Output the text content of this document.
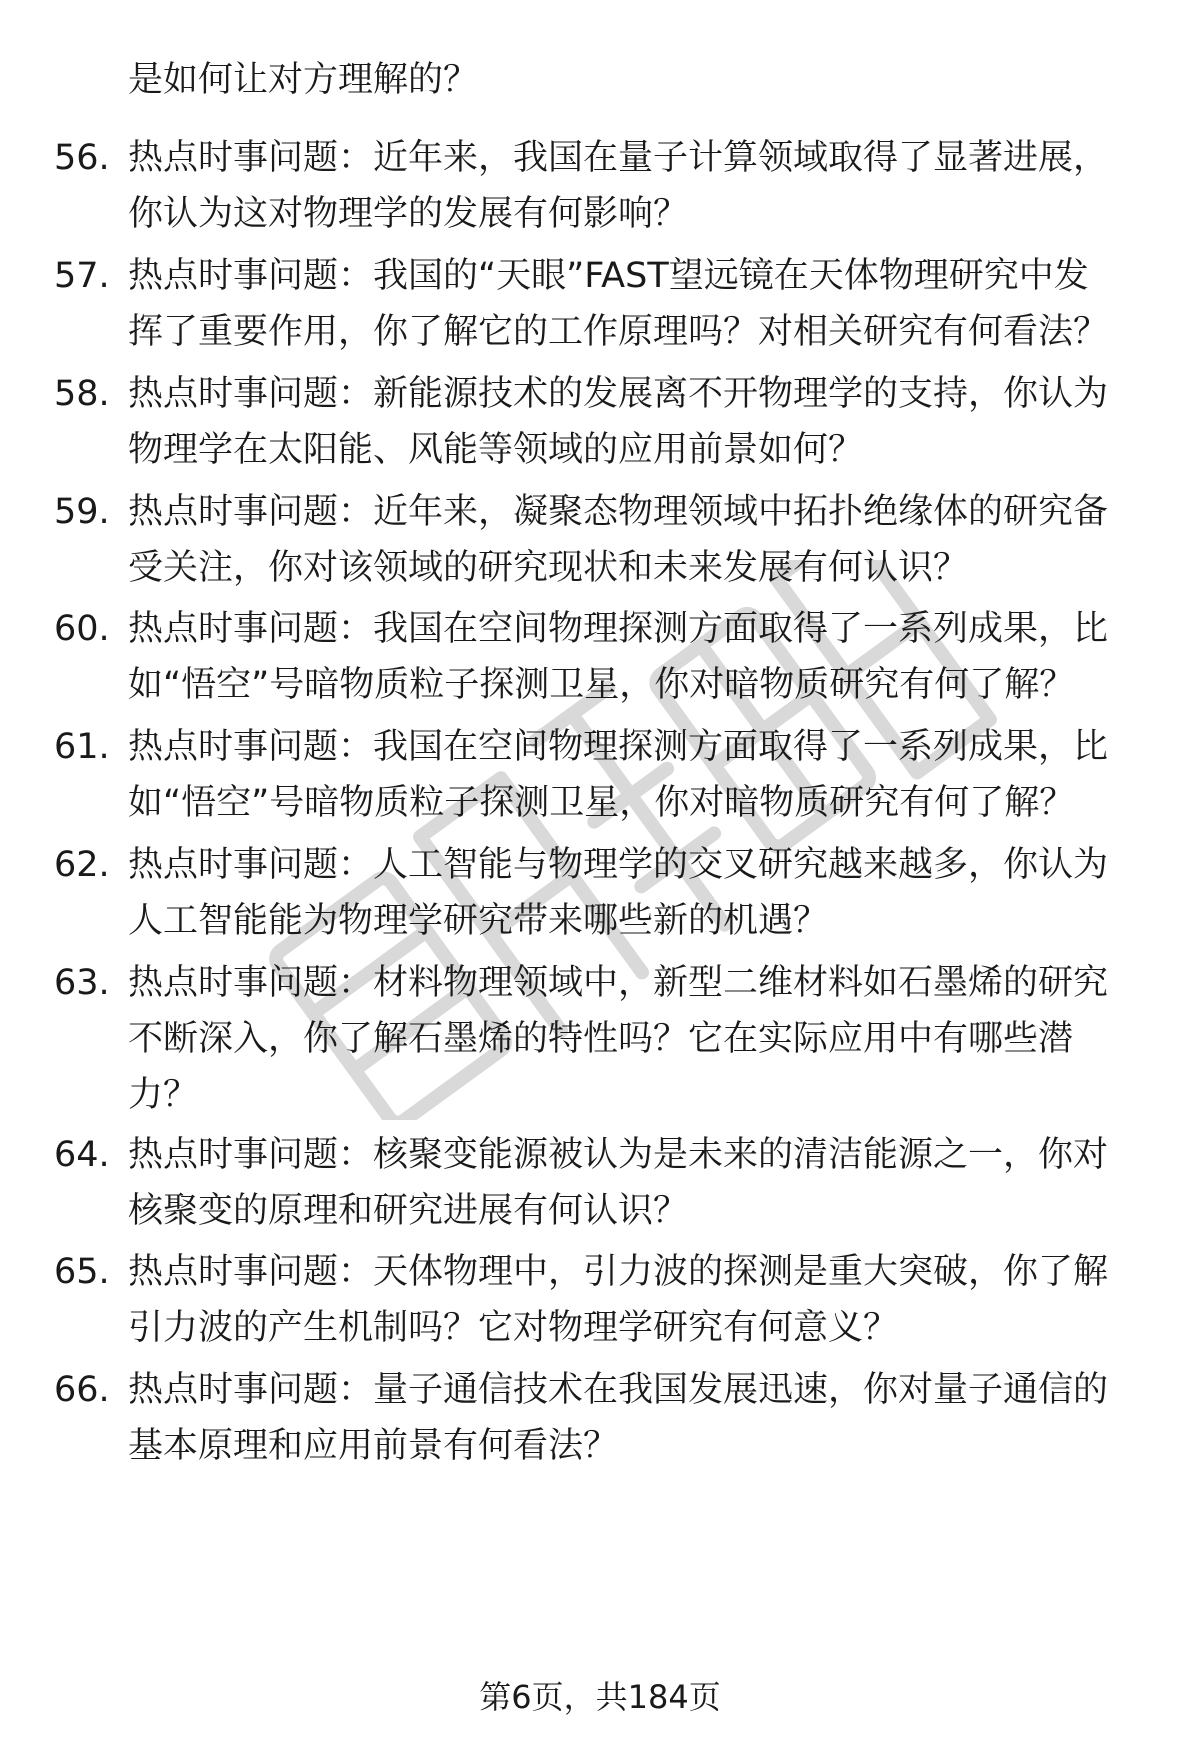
是如何让对方理解的？
56. 热点时事问题：近年来，我国在量子计算领域取得了显著进展，
你认为这对物理学的发展有何影响？
57. 热点时事问题：我国的“天眼”FAST望远镜在天体物理研究中发
挥了重要作用，你了解它的工作原理吗？对相关研究有何看法？
58. 热点时事问题：新能源技术的发展离不开物理学的支持，你认为
物理学在太阳能、风能等领域的应用前景如何？
59. 热点时事问题：近年来，凝聚态物理领域中拓扑绝缘体的研究备
受关注，你对该领域的研究现状和未来发展有何认识？
60. 热点时事问题：我国在空间物理探测方面取得了一系列成果，比
如“悟空”号暗物质粒子探测卫星，你对暗物质研究有何了解？
61. 热点时事问题：我国在空间物理探测方面取得了一系列成果，比
如“悟空”号暗物质粒子探测卫星，你对暗物质研究有何了解？
62. 热点时事问题：人工智能与物理学的交叉研究越来越多，你认为
人工智能能为物理学研究带来哪些新的机遇？
63. 热点时事问题：材料物理领域中，新型二维材料如石墨烯的研究
不断深入，你了解石墨烯的特性吗？它在实际应用中有哪些潜
力？
64. 热点时事问题：核聚变能源被认为是未来的清洁能源之一，你对
核聚变的原理和研究进展有何认识？
65. 热点时事问题：天体物理中，引力波的探测是重大突破，你了解
引力波的产生机制吗？它对物理学研究有何意义？
66. 热点时事问题：量子通信技术在我国发展迅速，你对量子通信的
基本原理和应用前景有何看法？
第6页，共184页
